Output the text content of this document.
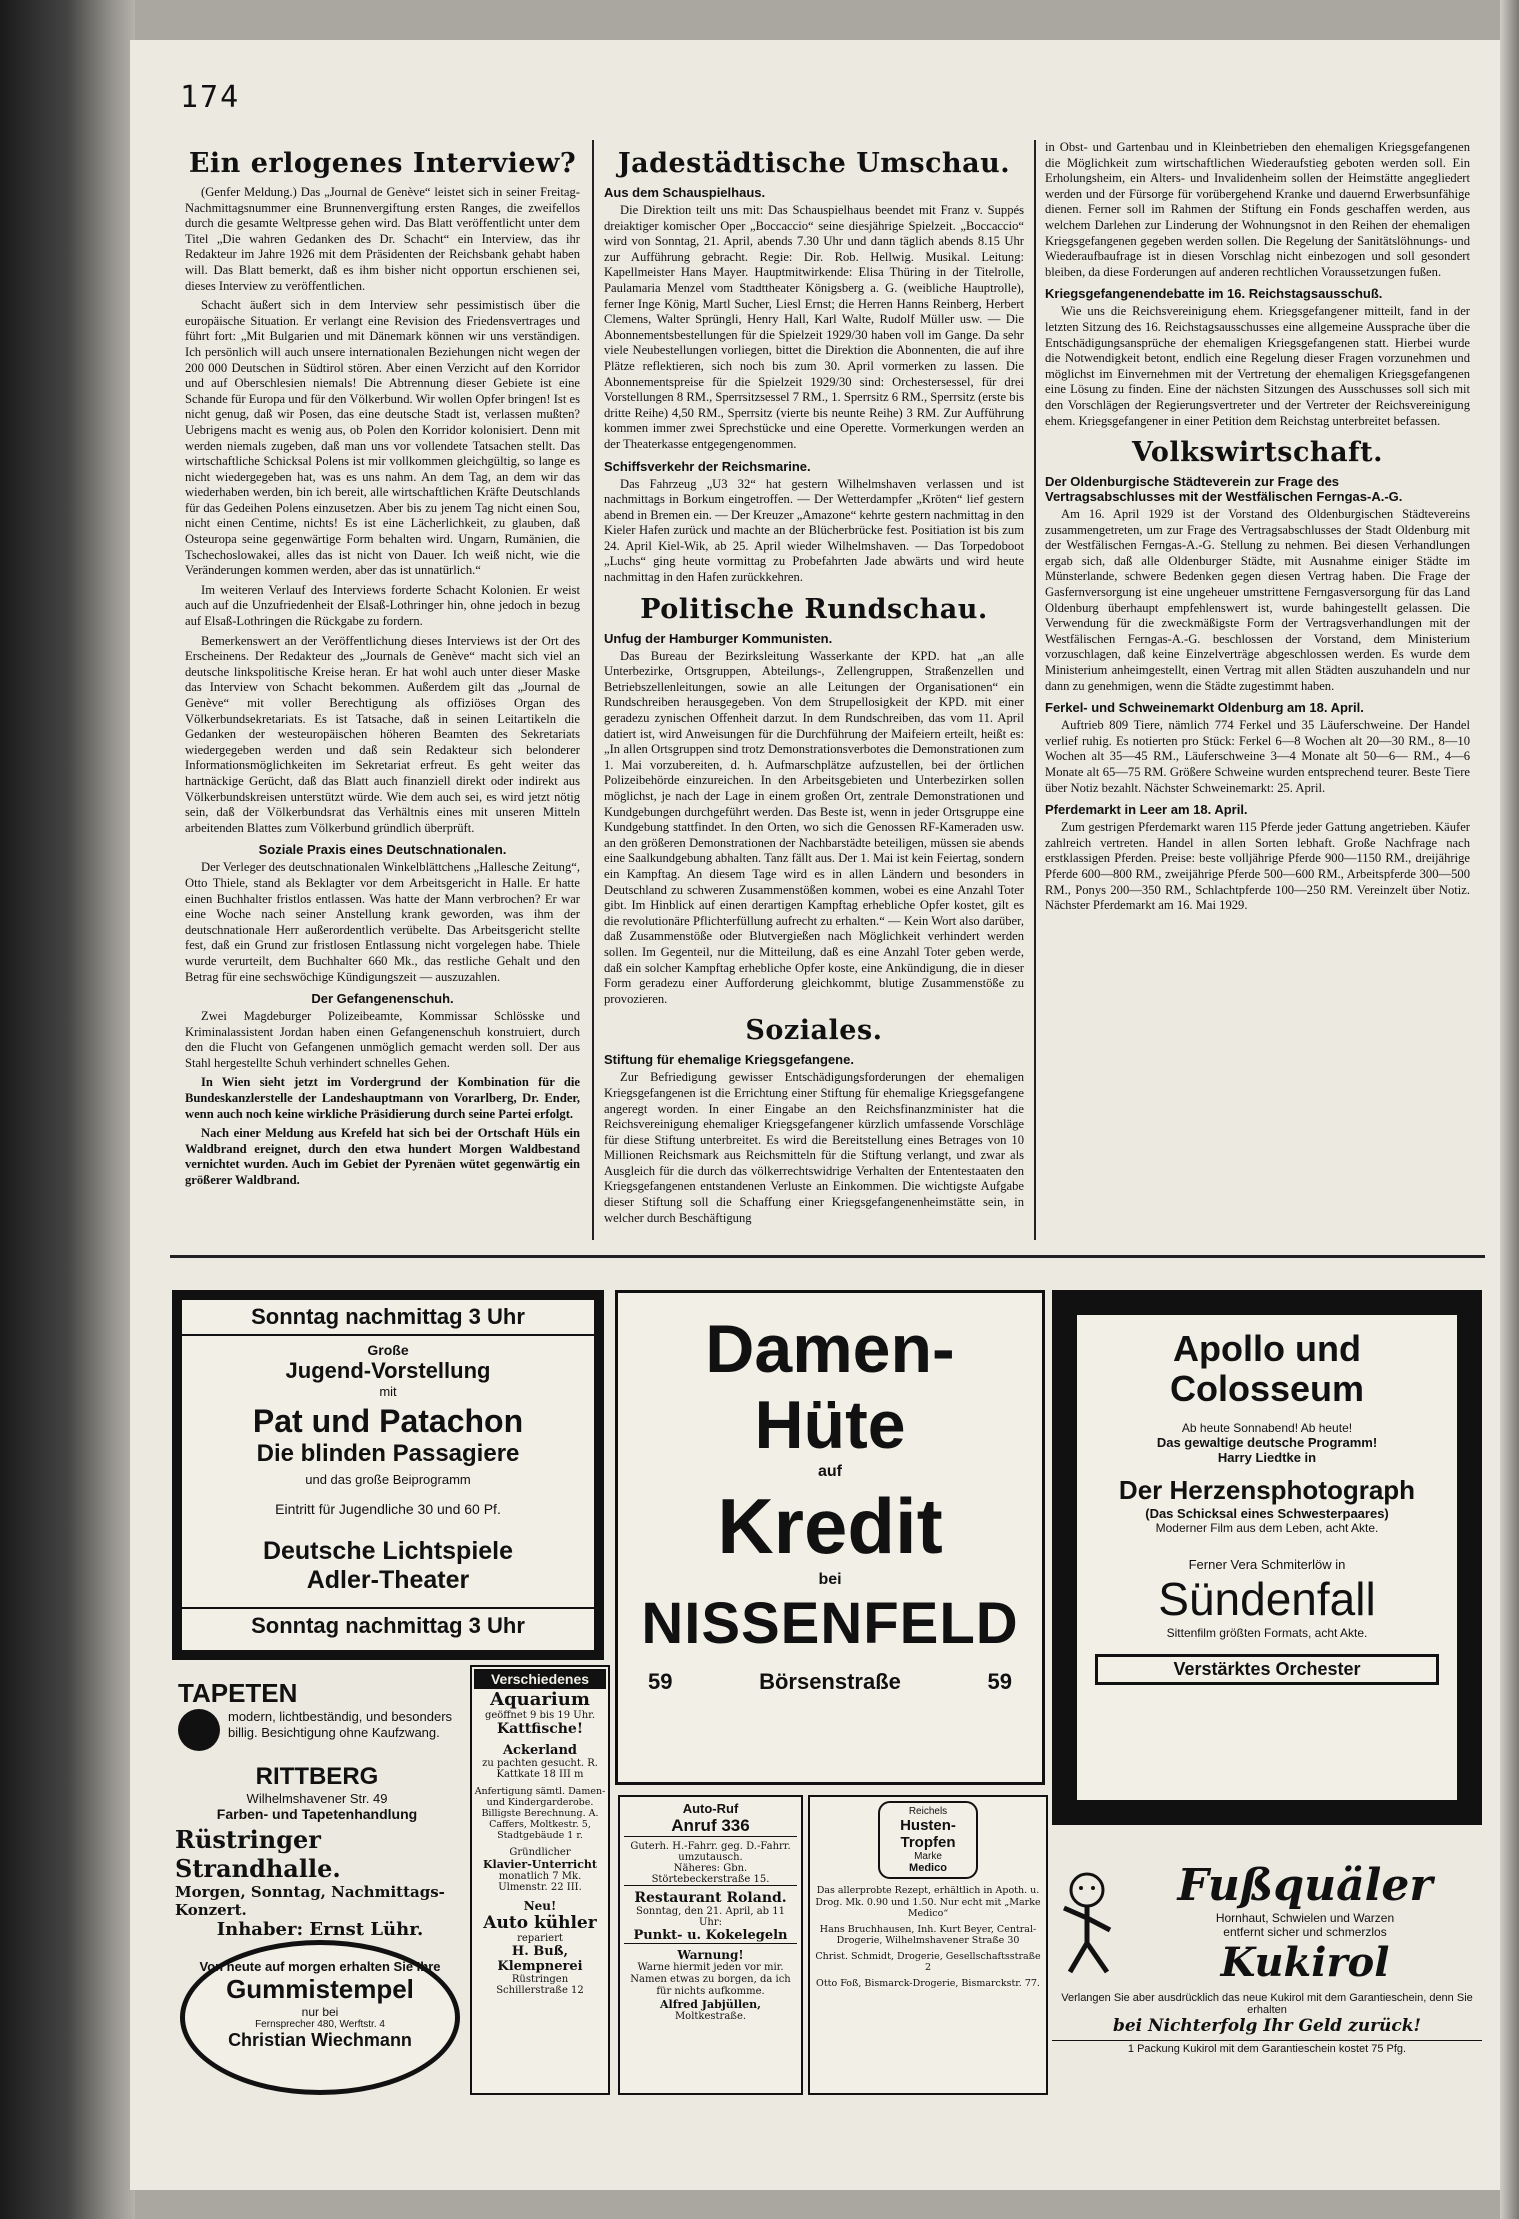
174
Ein erlogenes Interview?

(Genfer Meldung.) Das „Journal de Genève“ leistet sich in seiner Freitag-Nachmittagsnummer eine Brunnenvergiftung ersten Ranges, die zweifellos durch die gesamte Weltpresse gehen wird. Das Blatt veröffentlicht unter dem Titel „Die wahren Gedanken des Dr. Schacht“ ein Interview, das ihr Redakteur im Jahre 1926 mit dem Präsidenten der Reichsbank gehabt haben will. Das Blatt bemerkt, daß es ihm bisher nicht opportun erschienen sei, dieses Interview zu veröffentlichen.

Schacht äußert sich in dem Interview sehr pessimistisch über die europäische Situation. Er verlangt eine Revision des Friedensvertrages und führt fort: „Mit Bulgarien und mit Dänemark können wir uns verständigen. Ich persönlich will auch unsere internationalen Beziehungen nicht wegen der 200 000 Deutschen in Südtirol stören. Aber einen Verzicht auf den Korridor und auf Oberschlesien niemals! Die Abtrennung dieser Gebiete ist eine Schande für Europa und für den Völkerbund. Wir wollen Opfer bringen! Ist es nicht genug, daß wir Posen, das eine deutsche Stadt ist, verlassen mußten? Uebrigens macht es wenig aus, ob Polen den Korridor kolonisiert. Denn mit werden niemals zugeben, daß man uns vor vollendete Tatsachen stellt. Das wirtschaftliche Schicksal Polens ist mir vollkommen gleichgültig, so lange es nicht wiedergegeben hat, was es uns nahm. An dem Tag, an dem wir das wiederhaben werden, bin ich bereit, alle wirtschaftlichen Kräfte Deutschlands für das Gedeihen Polens einzusetzen. Aber bis zu jenem Tag nicht einen Sou, nicht einen Centime, nichts! Es ist eine Lächerlichkeit, zu glauben, daß Osteuropa seine gegenwärtige Form behalten wird. Ungarn, Rumänien, die Tschechoslowakei, alles das ist nicht von Dauer. Ich weiß nicht, wie die Veränderungen kommen werden, aber das ist unnatürlich.“

Im weiteren Verlauf des Interviews forderte Schacht Kolonien. Er weist auch auf die Unzufriedenheit der Elsaß-Lothringer hin, ohne jedoch in bezug auf Elsaß-Lothringen die Rückgabe zu fordern.

Bemerkenswert an der Veröffentlichung dieses Interviews ist der Ort des Erscheinens. Der Redakteur des „Journals de Genève“ macht sich viel an deutsche linkspolitische Kreise heran. Er hat wohl auch unter dieser Maske das Interview von Schacht bekommen. Außerdem gilt das „Journal de Genève“ mit voller Berechtigung als offiziöses Organ des Völkerbundsekretariats. Es ist Tatsache, daß in seinen Leitartikeln die Gedanken der westeuropäischen höheren Beamten des Sekretariats wiedergegeben werden und daß sein Redakteur sich belonderer Informationsmöglichkeiten im Sekretariat erfreut. Es geht weiter das hartnäckige Gerücht, daß das Blatt auch finanziell direkt oder indirekt aus Völkerbundskreisen unterstützt würde. Wie dem auch sei, es wird jetzt nötig sein, daß der Völkerbundsrat das Verhältnis eines mit unseren Mitteln arbeitenden Blattes zum Völkerbund gründlich überprüft.

Soziale Praxis eines Deutschnationalen.

Der Verleger des deutschnationalen Winkelblättchens „Hallesche Zeitung“, Otto Thiele, stand als Beklagter vor dem Arbeitsgericht in Halle. Er hatte einen Buchhalter fristlos entlassen. Was hatte der Mann verbrochen? Er war eine Woche nach seiner Anstellung krank geworden, was ihm der deutschnationale Herr außerordentlich verübelte. Das Arbeitsgericht stellte fest, daß ein Grund zur fristlosen Entlassung nicht vorgelegen habe. Thiele wurde verurteilt, dem Buchhalter 660 Mk., das restliche Gehalt und den Betrag für eine sechswöchige Kündigungszeit — auszuzahlen.

Der Gefangenenschuh.

Zwei Magdeburger Polizeibeamte, Kommissar Schlösske und Kriminalassistent Jordan haben einen Gefangenenschuh konstruiert, durch den die Flucht von Gefangenen unmöglich gemacht werden soll. Der aus Stahl hergestellte Schuh verhindert schnelles Gehen.

In Wien sieht jetzt im Vordergrund der Kombination für die Bundeskanzlerstelle der Landeshauptmann von Vorarlberg, Dr. Ender, wenn auch noch keine wirkliche Präsidierung durch seine Partei erfolgt.

Nach einer Meldung aus Krefeld hat sich bei der Ortschaft Hüls ein Waldbrand ereignet, durch den etwa hundert Morgen Waldbestand vernichtet wurden. Auch im Gebiet der Pyrenäen wütet gegenwärtig ein größerer Waldbrand.

Jadestädtische Umschau.
Aus dem Schauspielhaus.

Die Direktion teilt uns mit: Das Schauspielhaus beendet mit Franz v. Suppés dreiaktiger komischer Oper „Boccaccio“ seine diesjährige Spielzeit. „Boccaccio“ wird von Sonntag, 21. April, abends 7.30 Uhr und dann täglich abends 8.15 Uhr zur Aufführung gebracht. Regie: Dir. Rob. Hellwig. Musikal. Leitung: Kapellmeister Hans Mayer. Hauptmitwirkende: Elisa Thüring in der Titelrolle, Paulamaria Menzel vom Stadttheater Königsberg a. G. (weibliche Hauptrolle), ferner Inge König, Martl Sucher, Liesl Ernst; die Herren Hanns Reinberg, Herbert Clemens, Walter Sprüngli, Henry Hall, Karl Walte, Rudolf Müller usw. — Die Abonnementsbestellungen für die Spielzeit 1929/30 haben voll im Gange. Da sehr viele Neubestellungen vorliegen, bittet die Direktion die Abonnenten, die auf ihre Plätze reflektieren, sich noch bis zum 30. April vormerken zu lassen. Die Abonnementspreise für die Spielzeit 1929/30 sind: Orchestersessel, für drei Vorstellungen 8 RM., Sperrsitzsessel 7 RM., 1. Sperrsitz 6 RM., Sperrsitz (erste bis dritte Reihe) 4,50 RM., Sperrsitz (vierte bis neunte Reihe) 3 RM. Zur Aufführung kommen immer zwei Sprechstücke und eine Operette. Vormerkungen werden an der Theaterkasse entgegengenommen.

Schiffsverkehr der Reichsmarine.

Das Fahrzeug „U3 32“ hat gestern Wilhelmshaven verlassen und ist nachmittags in Borkum eingetroffen. — Der Wetterdampfer „Kröten“ lief gestern abend in Bremen ein. — Der Kreuzer „Amazone“ kehrte gestern nachmittag in den Kieler Hafen zurück und machte an der Blücherbrücke fest. Positiation ist bis zum 24. April Kiel-Wik, ab 25. April wieder Wilhelmshaven. — Das Torpedoboot „Luchs“ ging heute vormittag zu Probefahrten Jade abwärts und wird heute nachmittag in den Hafen zurückkehren.

Politische Rundschau.
Unfug der Hamburger Kommunisten.

Das Bureau der Bezirksleitung Wasserkante der KPD. hat „an alle Unterbezirke, Ortsgruppen, Abteilungs-, Zellengruppen, Straßenzellen und Betriebszellenleitungen, sowie an alle Leitungen der Organisationen“ ein Rundschreiben herausgegeben. Von dem Strupellosigkeit der KPD. mit einer geradezu zynischen Offenheit darzut. In dem Rundschreiben, das vom 11. April datiert ist, wird Anweisungen für die Durchführung der Maifeiern erteilt, heißt es: „In allen Ortsgruppen sind trotz Demonstrationsverbotes die Demonstrationen zum 1. Mai vorzubereiten, d. h. Aufmarschplätze aufzustellen, bei der örtlichen Polizeibehörde einzureichen. In den Arbeitsgebieten und Unterbezirken sollen möglichst, je nach der Lage in einem großen Ort, zentrale Demonstrationen und Kundgebungen durchgeführt werden. Das Beste ist, wenn in jeder Ortsgruppe eine Kundgebung stattfindet. In den Orten, wo sich die Genossen RF-Kameraden usw. an den größeren Demonstrationen der Nachbarstädte beteiligen, müssen sie abends eine Saalkundgebung abhalten. Tanz fällt aus. Der 1. Mai ist kein Feiertag, sondern ein Kampftag. An diesem Tage wird es in allen Ländern und besonders in Deutschland zu schweren Zusammenstößen kommen, wobei es eine Anzahl Toter gibt. Im Hinblick auf einen derartigen Kampftag erhebliche Opfer kostet, gilt es die revolutionäre Pflichterfüllung aufrecht zu erhalten.“ — Kein Wort also darüber, daß Zusammenstöße oder Blutvergießen nach Möglichkeit verhindert werden sollen. Im Gegenteil, nur die Mitteilung, daß es eine Anzahl Toter geben werde, daß ein solcher Kampftag erhebliche Opfer koste, eine Ankündigung, die in dieser Form geradezu einer Aufforderung gleichkommt, blutige Zusammenstöße zu provozieren.

Soziales.
Stiftung für ehemalige Kriegsgefangene.

Zur Befriedigung gewisser Entschädigungsforderungen der ehemaligen Kriegsgefangenen ist die Errichtung einer Stiftung für ehemalige Kriegsgefangene angeregt worden. In einer Eingabe an den Reichsfinanzminister hat die Reichsvereinigung ehemaliger Kriegsgefangener kürzlich umfassende Vorschläge für diese Stiftung unterbreitet. Es wird die Bereitstellung eines Betrages von 10 Millionen Reichsmark aus Reichsmitteln für die Stiftung verlangt, und zwar als Ausgleich für die durch das völkerrechtswidrige Verhalten der Ententestaaten den Kriegsgefangenen entstandenen Verluste an Einkommen. Die wichtigste Aufgabe dieser Stiftung soll die Schaffung einer Kriegsgefangenenheimstätte sein, in welcher durch Beschäftigung

in Obst- und Gartenbau und in Kleinbetrieben den ehemaligen Kriegsgefangenen die Möglichkeit zum wirtschaftlichen Wiederaufstieg geboten werden soll. Ein Erholungsheim, ein Alters- und Invalidenheim sollen der Heimstätte angegliedert werden und der Fürsorge für vorübergehend Kranke und dauernd Erwerbsunfähige dienen. Ferner soll im Rahmen der Stiftung ein Fonds geschaffen werden, aus welchem Darlehen zur Linderung der Wohnungsnot in den Reihen der ehemaligen Kriegsgefangenen gegeben werden sollen. Die Regelung der Sanitätslöhnungs- und Wiederaufbaufrage ist in diesen Vorschlag nicht einbezogen und soll gesondert bleiben, da diese Forderungen auf anderen rechtlichen Voraussetzungen fußen.

Kriegsgefangenendebatte im 16. Reichstagsausschuß.

Wie uns die Reichsvereinigung ehem. Kriegsgefangener mitteilt, fand in der letzten Sitzung des 16. Reichstagsausschusses eine allgemeine Aussprache über die Entschädigungsansprüche der ehemaligen Kriegsgefangenen statt. Hierbei wurde die Notwendigkeit betont, endlich eine Regelung dieser Fragen vorzunehmen und möglichst im Einvernehmen mit der Vertretung der ehemaligen Kriegsgefangenen eine Lösung zu finden. Eine der nächsten Sitzungen des Ausschusses soll sich mit den Vorschlägen der Regierungsvertreter und der Vertreter der Reichsvereinigung ehem. Kriegsgefangener in einer Petition dem Reichstag unterbreitet befassen.

Volkswirtschaft.
Der Oldenburgische Städteverein zur Frage des Vertragsabschlusses mit der Westfälischen Ferngas-A.-G.

Am 16. April 1929 ist der Vorstand des Oldenburgischen Städtevereins zusammengetreten, um zur Frage des Vertragsabschlusses der Stadt Oldenburg mit der Westfälischen Ferngas-A.-G. Stellung zu nehmen. Bei diesen Verhandlungen ergab sich, daß alle Oldenburger Städte, mit Ausnahme einiger Städte im Münsterlande, schwere Bedenken gegen diesen Vertrag haben. Die Frage der Gasfernversorgung ist eine ungeheuer umstrittene Ferngasversorgung für das Land Oldenburg überhaupt empfehlenswert ist, wurde bahingestellt gelassen. Die Verwendung für die zweckmäßigste Form der Vertragsverhandlungen mit der Westfälischen Ferngas-A.-G. beschlossen der Vorstand, dem Ministerium vorzuschlagen, daß keine Einzelverträge abgeschlossen werden. Es wurde dem Ministerium anheimgestellt, einen Vertrag mit allen Städten auszuhandeln und nur dann zu genehmigen, wenn die Städte zugestimmt haben.

Ferkel- und Schweinemarkt Oldenburg am 18. April.

Auftrieb 809 Tiere, nämlich 774 Ferkel und 35 Läuferschweine. Der Handel verlief ruhig. Es notierten pro Stück: Ferkel 6—8 Wochen alt 20—30 RM., 8—10 Wochen alt 35—45 RM., Läuferschweine 3—4 Monate alt 50—6— RM., 4—6 Monate alt 65—75 RM. Größere Schweine wurden entsprechend teurer. Beste Tiere über Notiz bezahlt. Nächster Schweinemarkt: 25. April.

Pferdemarkt in Leer am 18. April.

Zum gestrigen Pferdemarkt waren 115 Pferde jeder Gattung angetrieben. Käufer zahlreich vertreten. Handel in allen Sorten lebhaft. Große Nachfrage nach erstklassigen Pferden. Preise: beste volljährige Pferde 900—1150 RM., dreijährige Pferde 600—800 RM., zweijährige Pferde 500—600 RM., Arbeitspferde 300—500 RM., Ponys 200—350 RM., Schlachtpferde 100—250 RM. Vereinzelt über Notiz. Nächster Pferdemarkt am 16. Mai 1929.

Sonntag nachmittag 3 Uhr
Große
Jugend-Vorstellung
mit
Pat und Patachon
Die blinden Passagiere
und das große Beiprogramm
Eintritt für Jugendliche 30 und 60 Pf.
Deutsche Lichtspiele
Adler-Theater
Sonntag nachmittag 3 Uhr
Damen-
Hüte
auf
Kredit
bei
NISSENFELD
59	Börsenstraße	59
Apollo und
Colosseum
Ab heute Sonnabend! Ab heute!
Das gewaltige deutsche Programm!
Harry Liedtke in
Der Herzensphotograph
(Das Schicksal eines Schwesterpaares)
Moderner Film aus dem Leben, acht Akte.
Ferner Vera Schmiterlöw in
Sündenfall
Sittenfilm größten Formats, acht Akte.
Verstärktes Orchester
TAPETEN
modern, lichtbeständig, und besonders billig. Besichtigung ohne Kaufzwang.
RITTBERG
Wilhelmshavener Str. 49
Farben- und Tapetenhandlung
Rüstringer Strandhalle.
Morgen, Sonntag, Nachmittags-Konzert.
Inhaber: Ernst Lühr.
Von heute auf morgen erhalten Sie Ihre
Gummistempel
nur bei
Fernsprecher 480, Werftstr. 4
Christian Wiechmann
Verschiedenes
Aquarium
geöffnet 9 bis 19 Uhr.
Kattfische!
Ackerland
zu pachten gesucht. R. Kattkate 18 III m
Anfertigung sämtl. Damen- und Kindergarderobe. Billigste Berechnung. A. Caffers, Moltkestr. 5, Stadtgebäude 1 r.
Gründlicher
Klavier-Unterricht
monatlich 7 Mk.
Ulmenstr. 22 III.
Neu!
Auto kühler
repariert
H. Buß, Klempnerei
Rüstringen
Schillerstraße 12
Auto-Ruf
Anruf 336
Guterh. H.-Fahrr. geg. D.-Fahrr. umzutausch.
Näheres: Gbn. Störtebeckerstraße 15.
Restaurant Roland.
Sonntag, den 21. April, ab 11 Uhr:
Punkt- u. Kokelegeln
Warnung!
Warne hiermit jeden vor mir. Namen etwas zu borgen, da ich für nichts aufkomme.
Alfred Jabjüllen,
Moltkestraße.
Reichels
Husten-
Tropfen
Marke
Medico
Das allerprobte Rezept, erhältlich in Apoth. u. Drog. Mk. 0.90 und 1.50. Nur echt mit „Marke Medico“
Hans Bruchhausen, Inh. Kurt Beyer, Central-Drogerie, Wilhelmshavener Straße 30
Christ. Schmidt, Drogerie, Gesellschaftsstraße 2
Otto Foß, Bismarck-Drogerie, Bismarckstr. 77.
Fußquäler
Hornhaut, Schwielen und Warzen
entfernt sicher und schmerzlos
Kukirol
Verlangen Sie aber ausdrücklich das neue Kukirol mit dem Garantieschein, denn Sie erhalten
bei Nichterfolg Ihr Geld zurück!
1 Packung Kukirol mit dem Garantieschein kostet 75 Pfg.
